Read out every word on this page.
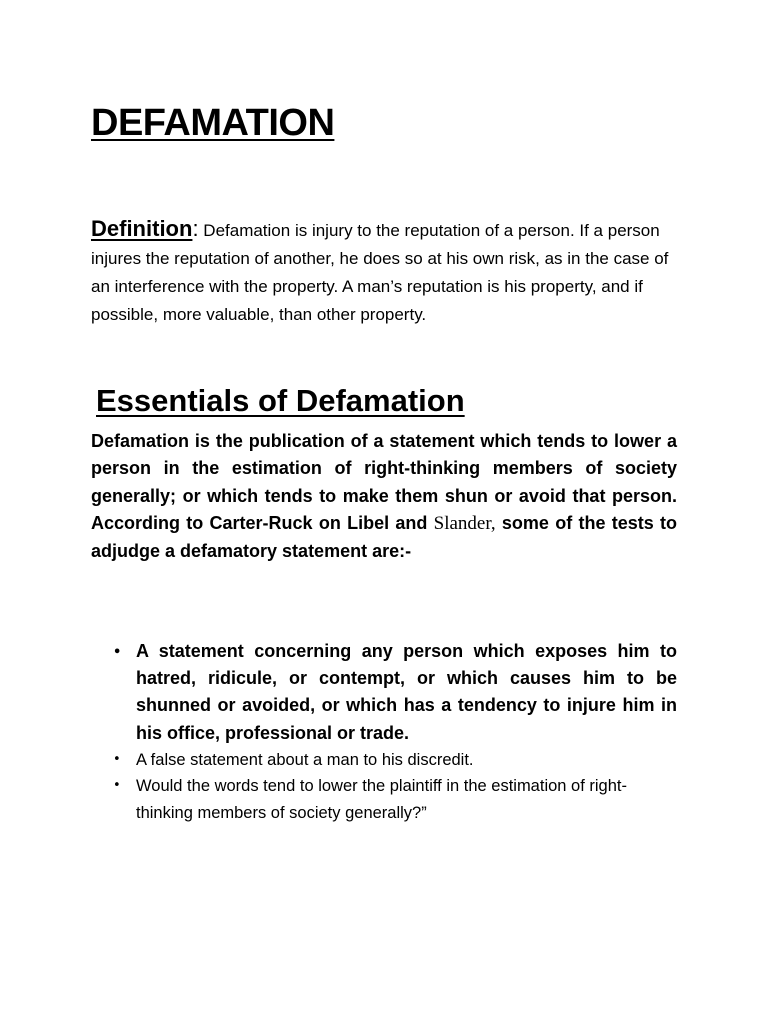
DEFAMATION

Definition: Defamation is injury to the reputation of a person. If a person injures the reputation of another, he does so at his own risk, as in the case of an interference with the property. A man’s reputation is his property, and if possible, more valuable, than other property.

Essentials of Defamation

Defamation is the publication of a statement which tends to lower a person in the estimation of right-thinking members of society generally; or which tends to make them shun or avoid that person. According to Carter-Ruck on Libel and Slander, some of the tests to adjudge a defamatory statement are:-

• A statement concerning any person which exposes him to hatred, ridicule, or contempt, or which causes him to be shunned or avoided, or which has a tendency to injure him in his office, professional or trade.
• A false statement about a man to his discredit.
• Would the words tend to lower the plaintiff in the estimation of right-thinking members of society generally?”
